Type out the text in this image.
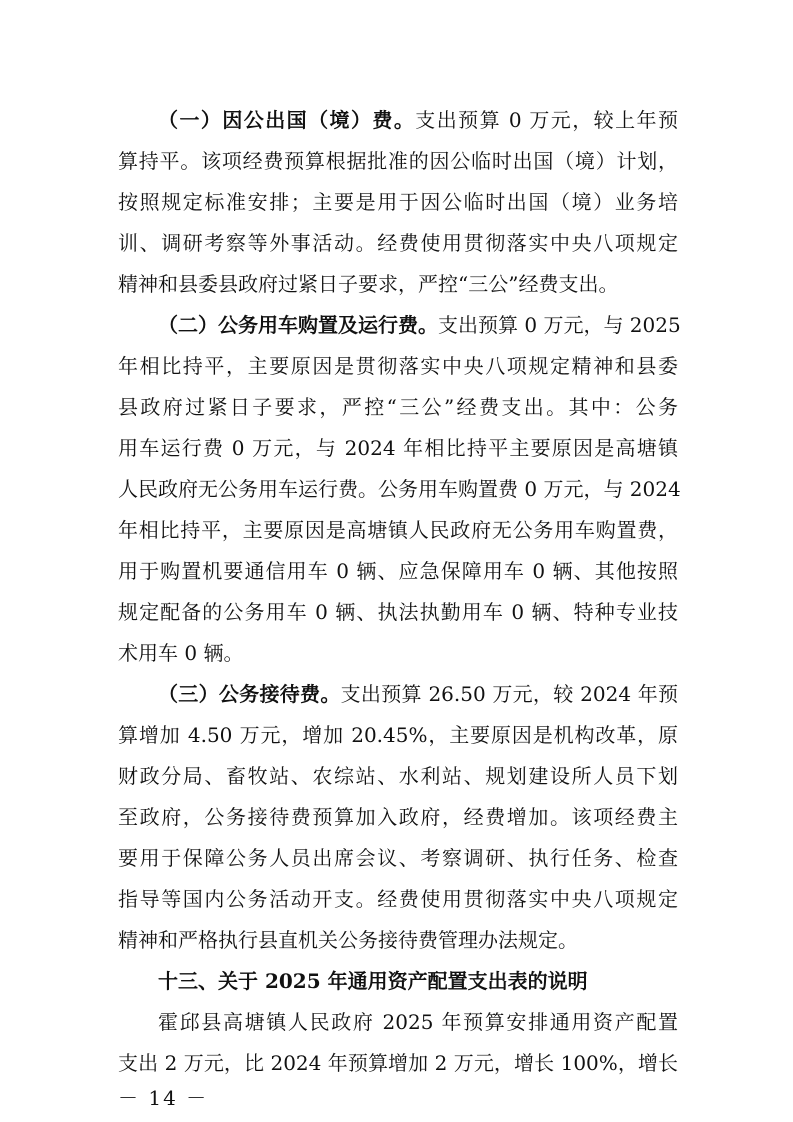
（一）因公出国（境）费。支出预算 0 万元，较上年预
算持平。该项经费预算根据批准的因公临时出国（境）计划，
按照规定标准安排；主要是用于因公临时出国（境）业务培
训、调研考察等外事活动。经费使用贯彻落实中央八项规定
精神和县委县政府过紧日子要求，严控“三公”经费支出。
（二）公务用车购置及运行费。支出预算 0 万元，与 2025
年相比持平，主要原因是贯彻落实中央八项规定精神和县委
县政府过紧日子要求，严控“三公”经费支出。其中：公务
用车运行费 0 万元，与 2024 年相比持平主要原因是高塘镇
人民政府无公务用车运行费。公务用车购置费 0 万元，与 2024
年相比持平，主要原因是高塘镇人民政府无公务用车购置费，
用于购置机要通信用车 0 辆、应急保障用车 0 辆、其他按照
规定配备的公务用车 0 辆、执法执勤用车 0 辆、特种专业技
术用车 0 辆。
（三）公务接待费。支出预算 26.50 万元，较 2024 年预
算增加 4.50 万元，增加 20.45%，主要原因是机构改革，原
财政分局、畜牧站、农综站、水利站、规划建设所人员下划
至政府，公务接待费预算加入政府，经费增加。该项经费主
要用于保障公务人员出席会议、考察调研、执行任务、检查
指导等国内公务活动开支。经费使用贯彻落实中央八项规定
精神和严格执行县直机关公务接待费管理办法规定。
十三、关于 2025 年通用资产配置支出表的说明
霍邱县高塘镇人民政府 2025 年预算安排通用资产配置
支出 2 万元，比 2024 年预算增加 2 万元，增长 100%，增长
－ 14 －
